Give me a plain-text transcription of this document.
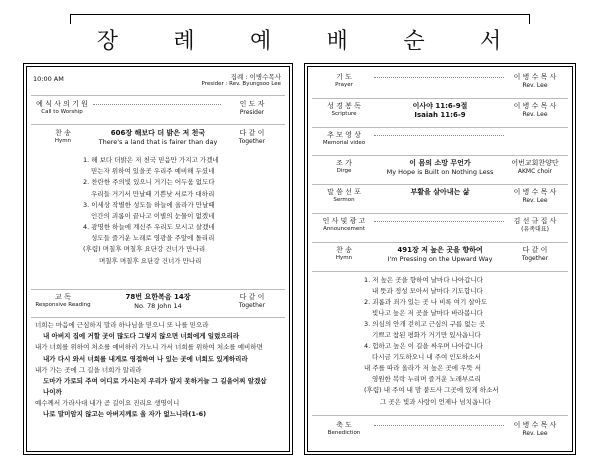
장 례 예 배 순 서
10:00 AM	집례 : 이병수목사
Presider : Rev. Byungsoo Lee
예 식 사 의 기 원
Call to Worship
인 도 자
Presider
찬 송
Hymn
606장 해보다 더 밝은 저 천국
There's a land that is fairer than day
다 같 이
Together
1. 해 보다 더밝은 저 천국 믿음만 가지고 가겠네
믿는자 위하여 있을곳 우리주 예비해 두셨네
2. 찬란한 주의빛 있으니 거기는 어두움 없도다
우리들 거기서 만날때 기쁜낮 서로가 대하리
3. 이세상 작별한 성도들 하늘에 올라가 만날때
인간의 괴롬이 끝나고 이별의 눈물이 없겠네
4. 광명한 하늘에 계신주 우리도 모시고 살겠네
성도들 즐거운 노래로 영광을 주앞에 돌리리
(후렴) 며칠후 며칠후 요단강 건너가 만나리
며칠후 며칠후 요단강 건너가 만나리
교 독
Responsive Reading
78번 요한복음 14장
No. 78 John 14
다 같 이
Together
너희는 마음에 근심하지 말라 하나님을 믿으니 또 나를 믿으라
내 아버지 집에 거할 곳이 많도다 그렇지 않으면 너희에게 일렀으리라
내가 너희를 위하여 처소를 예비하러 가노니 가서 너희를 위하여 처소를 예비하면
내가 다시 와서 너희를 내게로 영접하여 나 있는 곳에 너희도 있게하리라
내가 가는 곳에 그 길을 너희가 알리라
도마가 가로되 주여 어디로 가시는지 우리가 알지 못하거늘 그 길을어찌 알겠삽
나이까
예수께서 가라사대 내가 곧 길이요 진리요 생명이니
나로 말미암지 않고는 아버지께로 올 자가 없느니라(1-6)
기 도
Prayer
이 병 수 목 사
Rev. Lee
성 경 봉 독
Scripture
이사야 11:6-9절
Isaiah 11:6-9
이 병 수 목 사
Rev. Lee
추 모 영 상
Memorial video
조 가
Dirge
이 몸의 소망 무언가
My Hope is Built on Nothing Less
어번교회찬양단
AKMC choir
말 씀 선 포
Sermon
부활을 살아내는 삶	이 병 수 목 사
Rev. Lee
인 사 및 광 고
Announcement
김 선 규 집 사
(유족대표)
찬 송
Hymn
491장 저 높은 곳을 향하여
I'm Pressing on the Upward Way
다 같 이
Together
1. 저 높은 곳을 향하여 날마다 나아갑니다
내 뜻과 정성 모아서 날마다 기도합니다
2. 괴롬과 죄가 있는 곳 나 비록 여기 살아도
빛나고 높은 저 곳을 날마다 바라봅니다
3. 의심의 안개 걷히고 근심의 구름 없는 곳
기쁘고 참된 평화가 거기만 있사옵니다
4. 험하고 높은 이 길을 싸우며 나아갑니다
다시금 기도하오니 내 주여 인도하소서
내 주를 따라 올라가 저 높은 곳에 우뚝 서
영원한 복락 누리며 즐거운 노래부르리
(후렴) 내 주여 내 맘 붙드사 그곳에 있게 하소서
그 곳은 빛과 사랑이 언제나 넘치옵니다
축 도
Benediction
이 병 수 목 사
Rev. Lee
